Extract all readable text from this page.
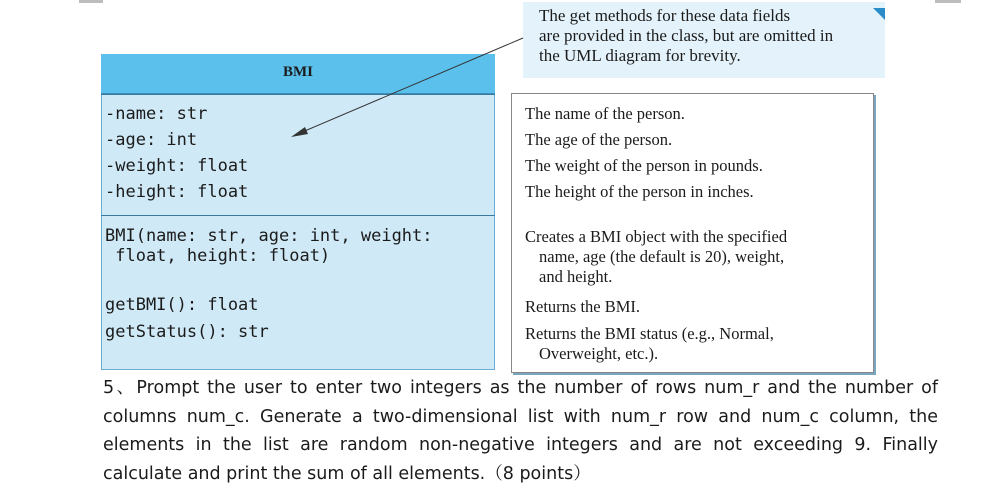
BMI
-name: str
-age: int
-weight: float
-height: float
BMI(name: str, age: int, weight:
float, height: float)
getBMI(): float
getStatus(): str
The get methods for these data fields
are provided in the class, but are omitted in
the UML diagram for brevity.
The name of the person.
The age of the person.
The weight of the person in pounds.
The height of the person in inches.
Creates a BMI object with the specified
name, age (the default is 20), weight,
and height.
Returns the BMI.
Returns the BMI status (e.g., Normal,
Overweight, etc.).
5、Prompt the user to enter two integers as the number of rows num_r and the number of columns num_c. Generate a two-dimensional list with num_r row and num_c column, the elements in the list are random non-negative integers and are not exceeding 9. Finally calculate and print the sum of all elements.（8 points）
